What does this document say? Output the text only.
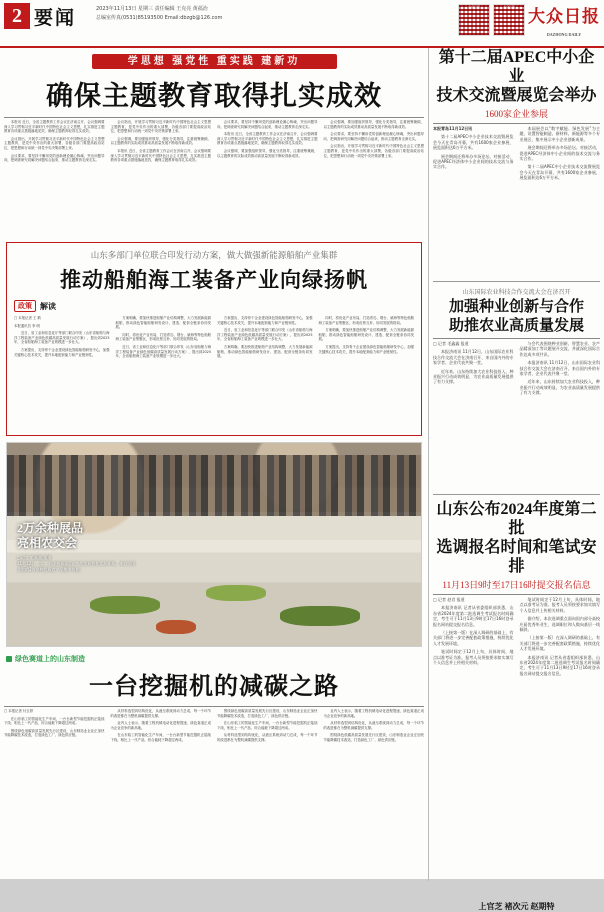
2 要闻	2023年11月13日 星期三 责任编辑 王克亮 黄福治
总编室传真(0531)85193500 Email:dbzgb@126.com
大众日报	大众日报
大众日报
DAZHONG DAILY
学思想 强党性 重实践 建新功
确保主题教育取得扎实成效

本报讯 近日，全省主题教育工作会议在济南召开，会议强调要深入学习贯彻习近平新时代中国特色社会主义思想，扎实推进主题教育各项重点措施落地见效，确保主题教育取得扎实成效。

会议指出，开展学习贯彻习近平新时代中国特色社会主义思想主题教育，是党中央作出的重大部署，各级各部门要提高政治站位，把思想和行动统一到党中央决策部署上来。

会议要求，要坚持不懈用党的创新理论凝心铸魂，突出问题导向，把调查研究同解决问题结合起来，推动主题教育走深走实。

会议指出，开展学习贯彻习近平新时代中国特色社会主义思想主题教育，是党中央作出的重大部署，各级各部门要提高政治站位，把思想和行动统一到党中央决策部署上来。

会议强调，要加强组织领导，强化分类指导，注重统筹兼顾，以主题教育的实际成效推动高质量发展不断取得新成效。

本报讯 近日，全省主题教育工作会议在济南召开，会议强调要深入学习贯彻习近平新时代中国特色社会主义思想，扎实推进主题教育各项重点措施落地见效，确保主题教育取得扎实成效。

会议要求，要坚持不懈用党的创新理论凝心铸魂，突出问题导向，把调查研究同解决问题结合起来，推动主题教育走深走实。

本报讯 近日，全省主题教育工作会议在济南召开，会议强调要深入学习贯彻习近平新时代中国特色社会主义思想，扎实推进主题教育各项重点措施落地见效，确保主题教育取得扎实成效。

会议强调，要加强组织领导，强化分类指导，注重统筹兼顾，以主题教育的实际成效推动高质量发展不断取得新成效。

会议强调，要加强组织领导，强化分类指导，注重统筹兼顾，以主题教育的实际成效推动高质量发展不断取得新成效。

会议要求，要坚持不懈用党的创新理论凝心铸魂，突出问题导向，把调查研究同解决问题结合起来，推动主题教育走深走实。

会议指出，开展学习贯彻习近平新时代中国特色社会主义思想主题教育，是党中央作出的重大部署，各级各部门要提高政治站位，把思想和行动统一到党中央决策部署上来。

山东多部门单位联合印发行动方案，做大做强新能源船舶产业集群
推动船舶海工装备产业向绿扬帆
政策	解读

□ 本报记者 王 鹤

本报通讯员 李 明

近日，省工业和信息化厅等部门联合印发《山东省船舶与海洋工程装备产业绿色低碳高质量发展行动方案》，提出到2025年，全省船舶海工装备产业规模进一步壮大。

方案提出，支持骨干企业建设绿色智能船舶研发中心，加强关键核心技术攻关，提升本地配套能力和产业链韧性。

方案明确，要加快推进船舶产业结构调整，大力发展新能源船舶，推动绿色智能船舶研发设计、建造、配套全链条协同发展。

同时，将优化产业布局，打造青岛、烟台、威海等特色船舶海工装备产业集聚区，形成优势互补、协同发展的格局。

近日，省工业和信息化厅等部门联合印发《山东省船舶与海洋工程装备产业绿色低碳高质量发展行动方案》，提出到2025年，全省船舶海工装备产业规模进一步壮大。

方案提出，支持骨干企业建设绿色智能船舶研发中心，加强关键核心技术攻关，提升本地配套能力和产业链韧性。

近日，省工业和信息化厅等部门联合印发《山东省船舶与海洋工程装备产业绿色低碳高质量发展行动方案》，提出到2025年，全省船舶海工装备产业规模进一步壮大。

方案明确，要加快推进船舶产业结构调整，大力发展新能源船舶，推动绿色智能船舶研发设计、建造、配套全链条协同发展。

同时，将优化产业布局，打造青岛、烟台、威海等特色船舶海工装备产业集聚区，形成优势互补、协同发展的格局。

方案明确，要加快推进船舶产业结构调整，大力发展新能源船舶，推动绿色智能船舶研发设计、建造、配套全链条协同发展。

方案提出，支持骨干企业建设绿色智能船舶研发中心，加强关键核心技术攻关，提升本地配套能力和产业链韧性。

2万余种展品
亮相农交会
□记者 毛鑫鑫 报道
11月12日，第二十届中国国际农产品交易会在青岛开幕，来自全国各地的2万余种优质农产品集中亮相。
绿色赛道上的山东制造
一台挖掘机的减碳之路

□ 本报记者 付玉婷

在山东临工的智能化生产车间，一台台新型节能挖掘机正陆续下线，相比上一代产品，综合能耗下降超过两成。

围绕绿色低碳高质量发展先行区建设，山东制造业企业正加快节能降碳技术改造，打造绿色工厂、绿色供应链。

从材料选型到结构优化，从液压系统到动力总成，每一个环节的改进都在为整机减碳提供支撑。

业内人士表示，随着工程机械电动化进程提速，绿色赛道正成为企业竞争的新高地。

在山东临工的智能化生产车间，一台台新型节能挖掘机正陆续下线，相比上一代产品，综合能耗下降超过两成。

围绕绿色低碳高质量发展先行区建设，山东制造业企业正加快节能降碳技术改造，打造绿色工厂、绿色供应链。

在山东临工的智能化生产车间，一台台新型节能挖掘机正陆续下线，相比上一代产品，综合能耗下降超过两成。

从材料选型到结构优化，从液压系统到动力总成，每一个环节的改进都在为整机减碳提供支撑。

业内人士表示，随着工程机械电动化进程提速，绿色赛道正成为企业竞争的新高地。

从材料选型到结构优化，从液压系统到动力总成，每一个环节的改进都在为整机减碳提供支撑。

围绕绿色低碳高质量发展先行区建设，山东制造业企业正加快节能降碳技术改造，打造绿色工厂、绿色供应链。

第十二届APEC中小企业
技术交流暨展览会举办
1600家企业参展

本报青岛11月12日讯

第十二届APEC中小企业技术交流暨展览会今天在青岛开幕，共有1600家企业参展，展览面积达6万平方米。

展会期间还将举办多场论坛、对接活动，促进APEC经济体中小企业间的技术交流与务实合作。

本届展会以“数字赋能、绿色发展”为主题，设置智能制造、新材料、新能源等多个专业展区，集中展示中小企业创新成果。

展会期间还将举办多场论坛、对接活动，促进APEC经济体中小企业间的技术交流与务实合作。

第十二届APEC中小企业技术交流暨展览会今天在青岛开幕，共有1600家企业参展，展览面积达6万平方米。

山东国际农业科技合作交流大会在济召开
加强种业创新与合作
助推农业高质量发展

□ 记者 毛鑫鑫 报道

本报济南讯 11月12日，山东国际农业科技合作交流大会在济南召开，来自国内外的专家学者、企业代表共聚一堂。

近年来，山东持续加大农业科技投入，种业振兴行动成效明显，为农业高质量发展提供了有力支撑。

与会代表围绕种业创新、智慧农业、农产品精深加工等议题展开交流，并就深化国际合作达成多项共识。

本报济南讯 11月12日，山东国际农业科技合作交流大会在济南召开，来自国内外的专家学者、企业代表共聚一堂。

近年来，山东持续加大农业科技投入，种业振兴行动成效明显，为农业高质量发展提供了有力支撑。

山东公布2024年度第二批
选调报名时间和笔试安排
11月13日9时至17日16时提交报名信息

□ 记者 赵君 报道

本报济南讯 记者从省委组织部获悉，山东省2024年度第二批选调生考试报名时间确定，考生可于11月13日9时至17日16时登录报名网站提交报名信息。

（上接第一版）在深入调研的基础上，有关部门将进一步完善配套政策措施，持续优化人才发展环境。

笔试时间定于12月上旬，具体时间、地点以准考证为准。报考人员须按要求如实填写个人信息并上传相关材料。

笔试时间定于12月上旬，具体时间、地点以准考证为准。报考人员须按要求如实填写个人信息并上传相关材料。

据介绍，本次选调重点面向国内部分高校应届优秀毕业生，选调职位和人数向基层一线倾斜。

（上接第一版）在深入调研的基础上，有关部门将进一步完善配套政策措施，持续优化人才发展环境。

本报济南讯 记者从省委组织部获悉，山东省2024年度第二批选调生考试报名时间确定，考生可于11月13日9时至17日16时登录报名网站提交报名信息。

上官芝 褚次元 赵期特
